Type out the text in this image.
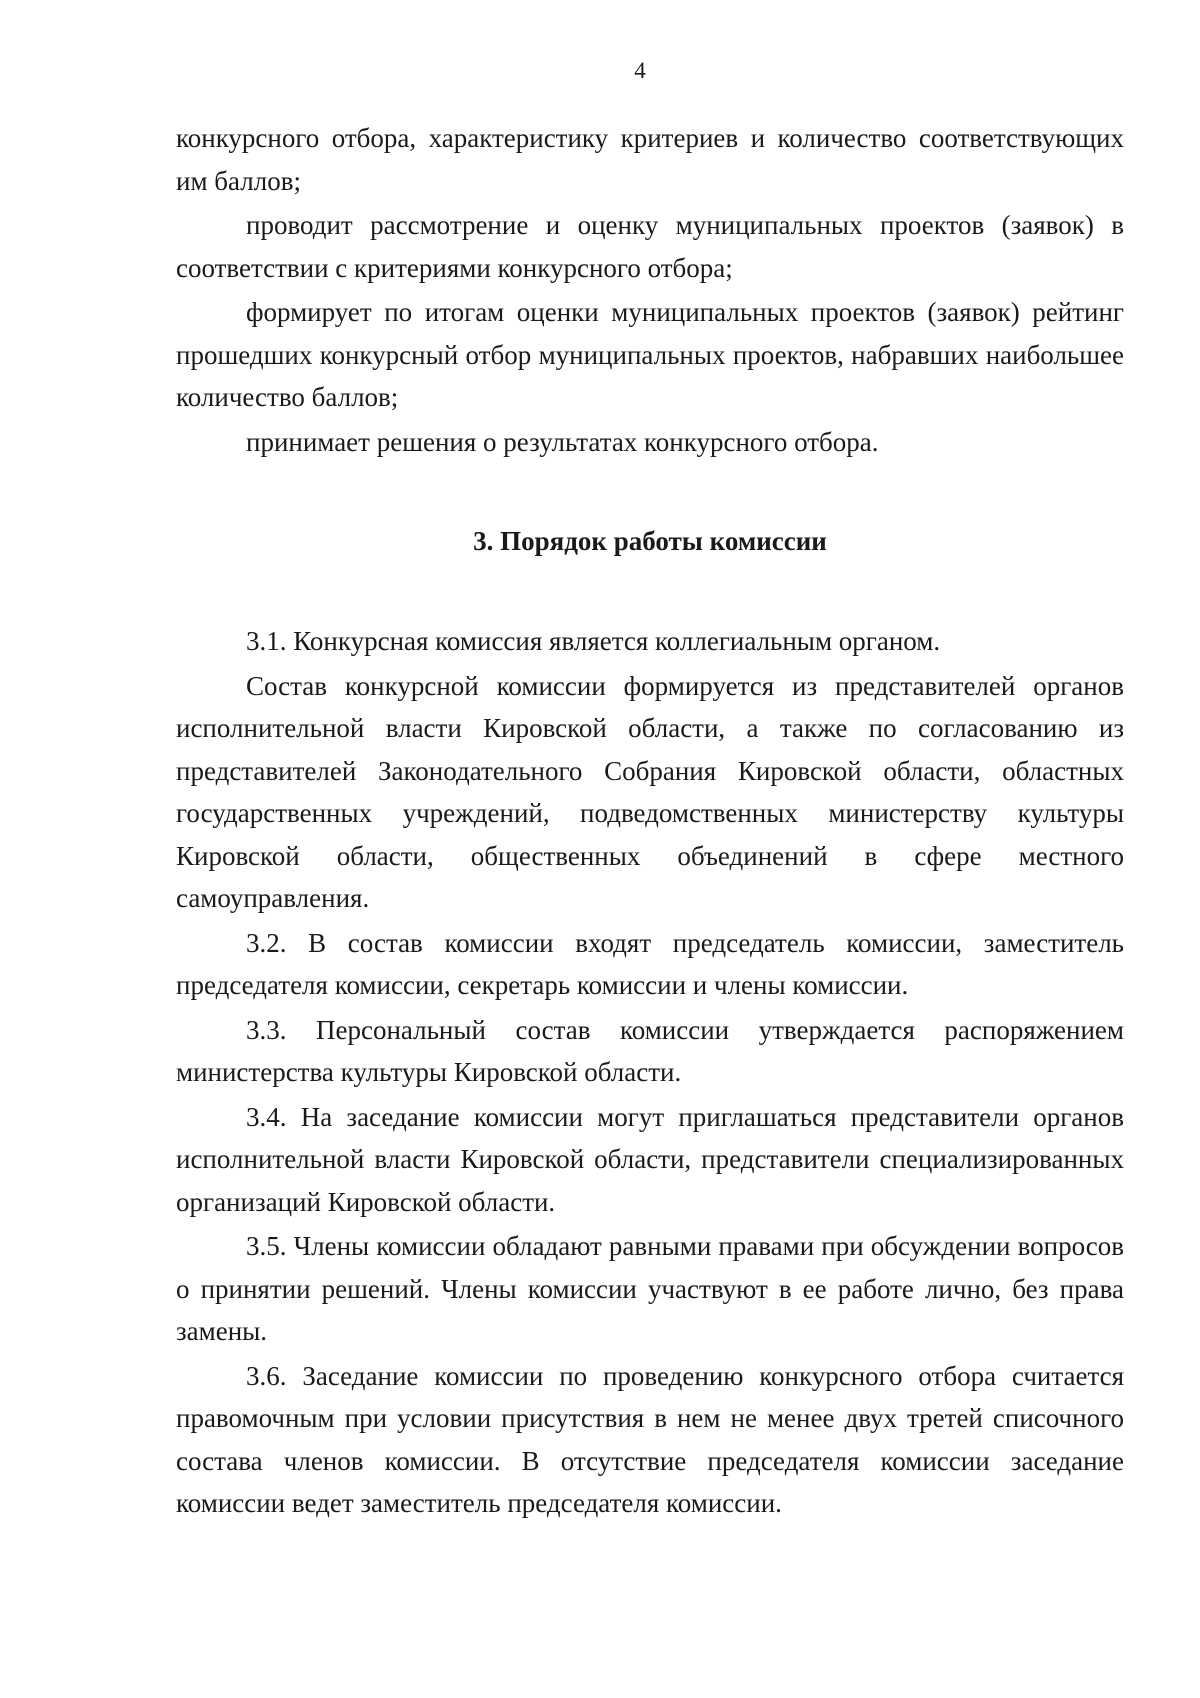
4

конкурсного отбора, характеристику критериев и количество соответствующих им баллов;

проводит рассмотрение и оценку муниципальных проектов (заявок) в соответствии с критериями конкурсного отбора;

формирует по итогам оценки муниципальных проектов (заявок) рейтинг прошедших конкурсный отбор муниципальных проектов, набравших наибольшее количество баллов;

принимает решения о результатах конкурсного отбора.

3. Порядок работы комиссии

3.1. Конкурсная комиссия является коллегиальным органом.

Состав конкурсной комиссии формируется из представителей органов исполнительной власти Кировской области, а также по согласованию из представителей Законодательного Собрания Кировской области, областных государственных учреждений, подведомственных министерству культуры Кировской области, общественных объединений в сфере местного самоуправления.

3.2. В состав комиссии входят председатель комиссии, заместитель председателя комиссии, секретарь комиссии и члены комиссии.

3.3. Персональный состав комиссии утверждается распоряжением министерства культуры Кировской области.

3.4. На заседание комиссии могут приглашаться представители органов исполнительной власти Кировской области, представители специализированных организаций Кировской области.

3.5. Члены комиссии обладают равными правами при обсуждении вопросов о принятии решений. Члены комиссии участвуют в ее работе лично, без права замены.

3.6. Заседание комиссии по проведению конкурсного отбора считается правомочным при условии присутствия в нем не менее двух третей списочного состава членов комиссии. В отсутствие председателя комиссии заседание комиссии ведет заместитель председателя комиссии.
